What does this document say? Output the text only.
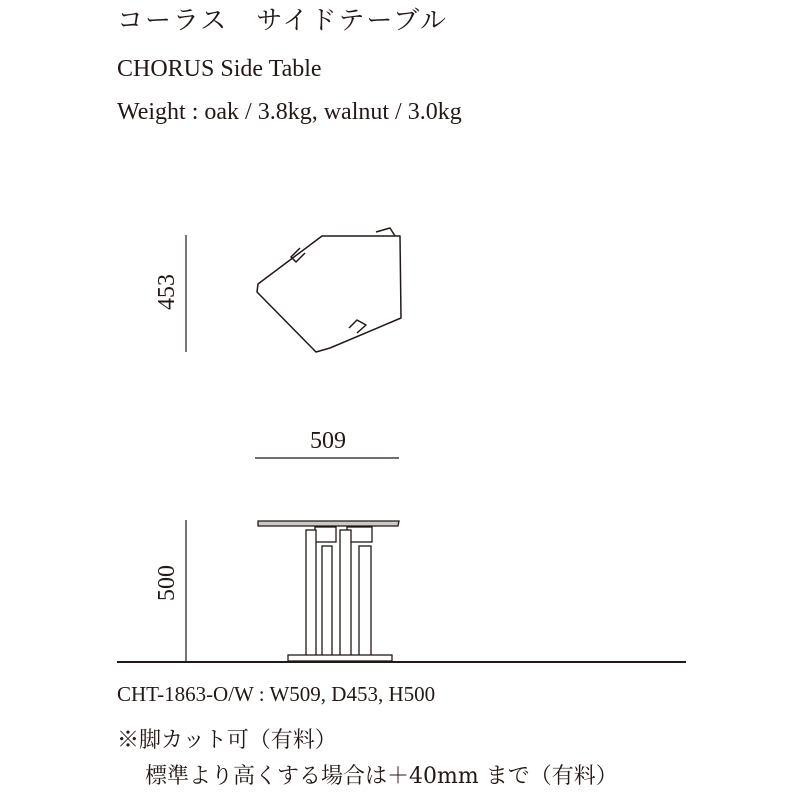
コーラス　サイドテーブル
CHORUS Side Table
Weight : oak / 3.8kg, walnut / 3.0kg
453
509
500
CHT-1863-O/W : W509, D453, H500
※脚カット可（有料）
標準より高くする場合は＋40mm まで（有料）
